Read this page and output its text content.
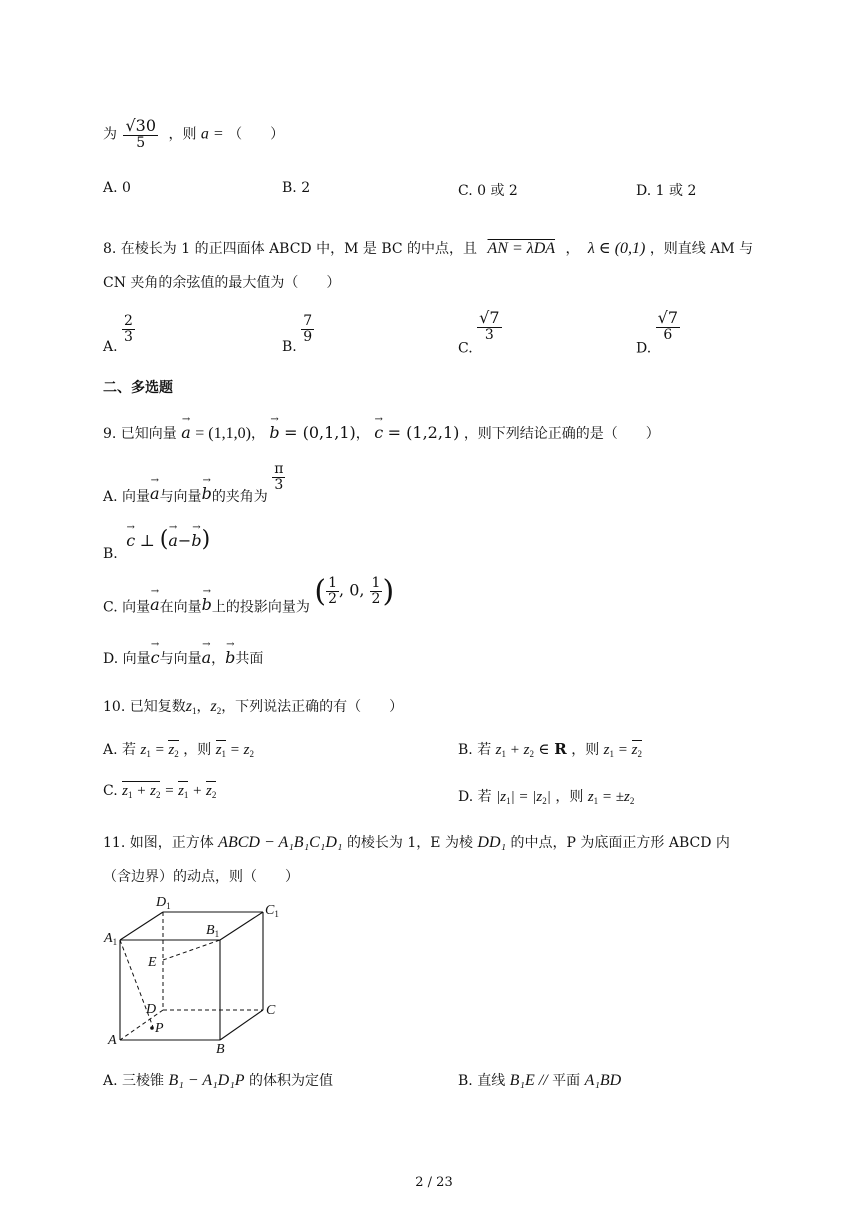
为 $\frac{√30}{5}$ ，则 a = （　　）
A. 0	B. 2	C. 0 或 2	D. 1 或 2
8. 在棱长为 1 的正四面体 ABCD 中，M 是 BC 的中点，且 AN = λDA ， λ ∈ (0,1) ，则直线 AM 与
CN 夹角的余弦值的最大值为（　　）
A.
$\frac{2}{3}$
B.
$\frac{7}{9}$
C.
$\frac{√7}{3}$
D.
$\frac{√7}{6}$
二、多选题
9. 已知向量 → a = (1,1,0)， → b = (0,1,1)， → c = (1,2,1) ，则下列结论正确的是（　　）
A. 向量→ a与向量→ b的夹角为
$\frac{\pi}{3}$
B. → c ⊥ (→ a−→ b)
C. 向量→ a在向量→ b上的投影向量为 ( $\frac{1}{2}$ , 0, $\frac{1}{2}$ )
D. 向量→ c与向量→ a，→ b共面
10. 已知复数$z_1$，$z_2$，下列说法正确的有（　　）
A. 若 $z_1 = z_2$ ，则 $z_1 = z_2$	B. 若 $z_1 + z_2$ ∈ R ，则 $z_1 = z_2$
C. $z_1 + z_2 = z_1 + z_2$	D. 若 $|z_1| = |z_2|$ ，则 $z_1 = \pm z_2$
11. 如图，正方体 ABCD − A₁B₁C₁D₁ 的棱长为 1，E 为棱 DD₁ 的中点，P 为底面正方形 ABCD 内
（含边界）的动点，则（　　）
$A_1$
$D_1$	$C_1$
$B_1$
E
D	C
P
A
B
A. 三棱锥 B₁ − A₁D₁P 的体积为定值	B. 直线 B₁E // 平面 A₁BD
2 / 23
